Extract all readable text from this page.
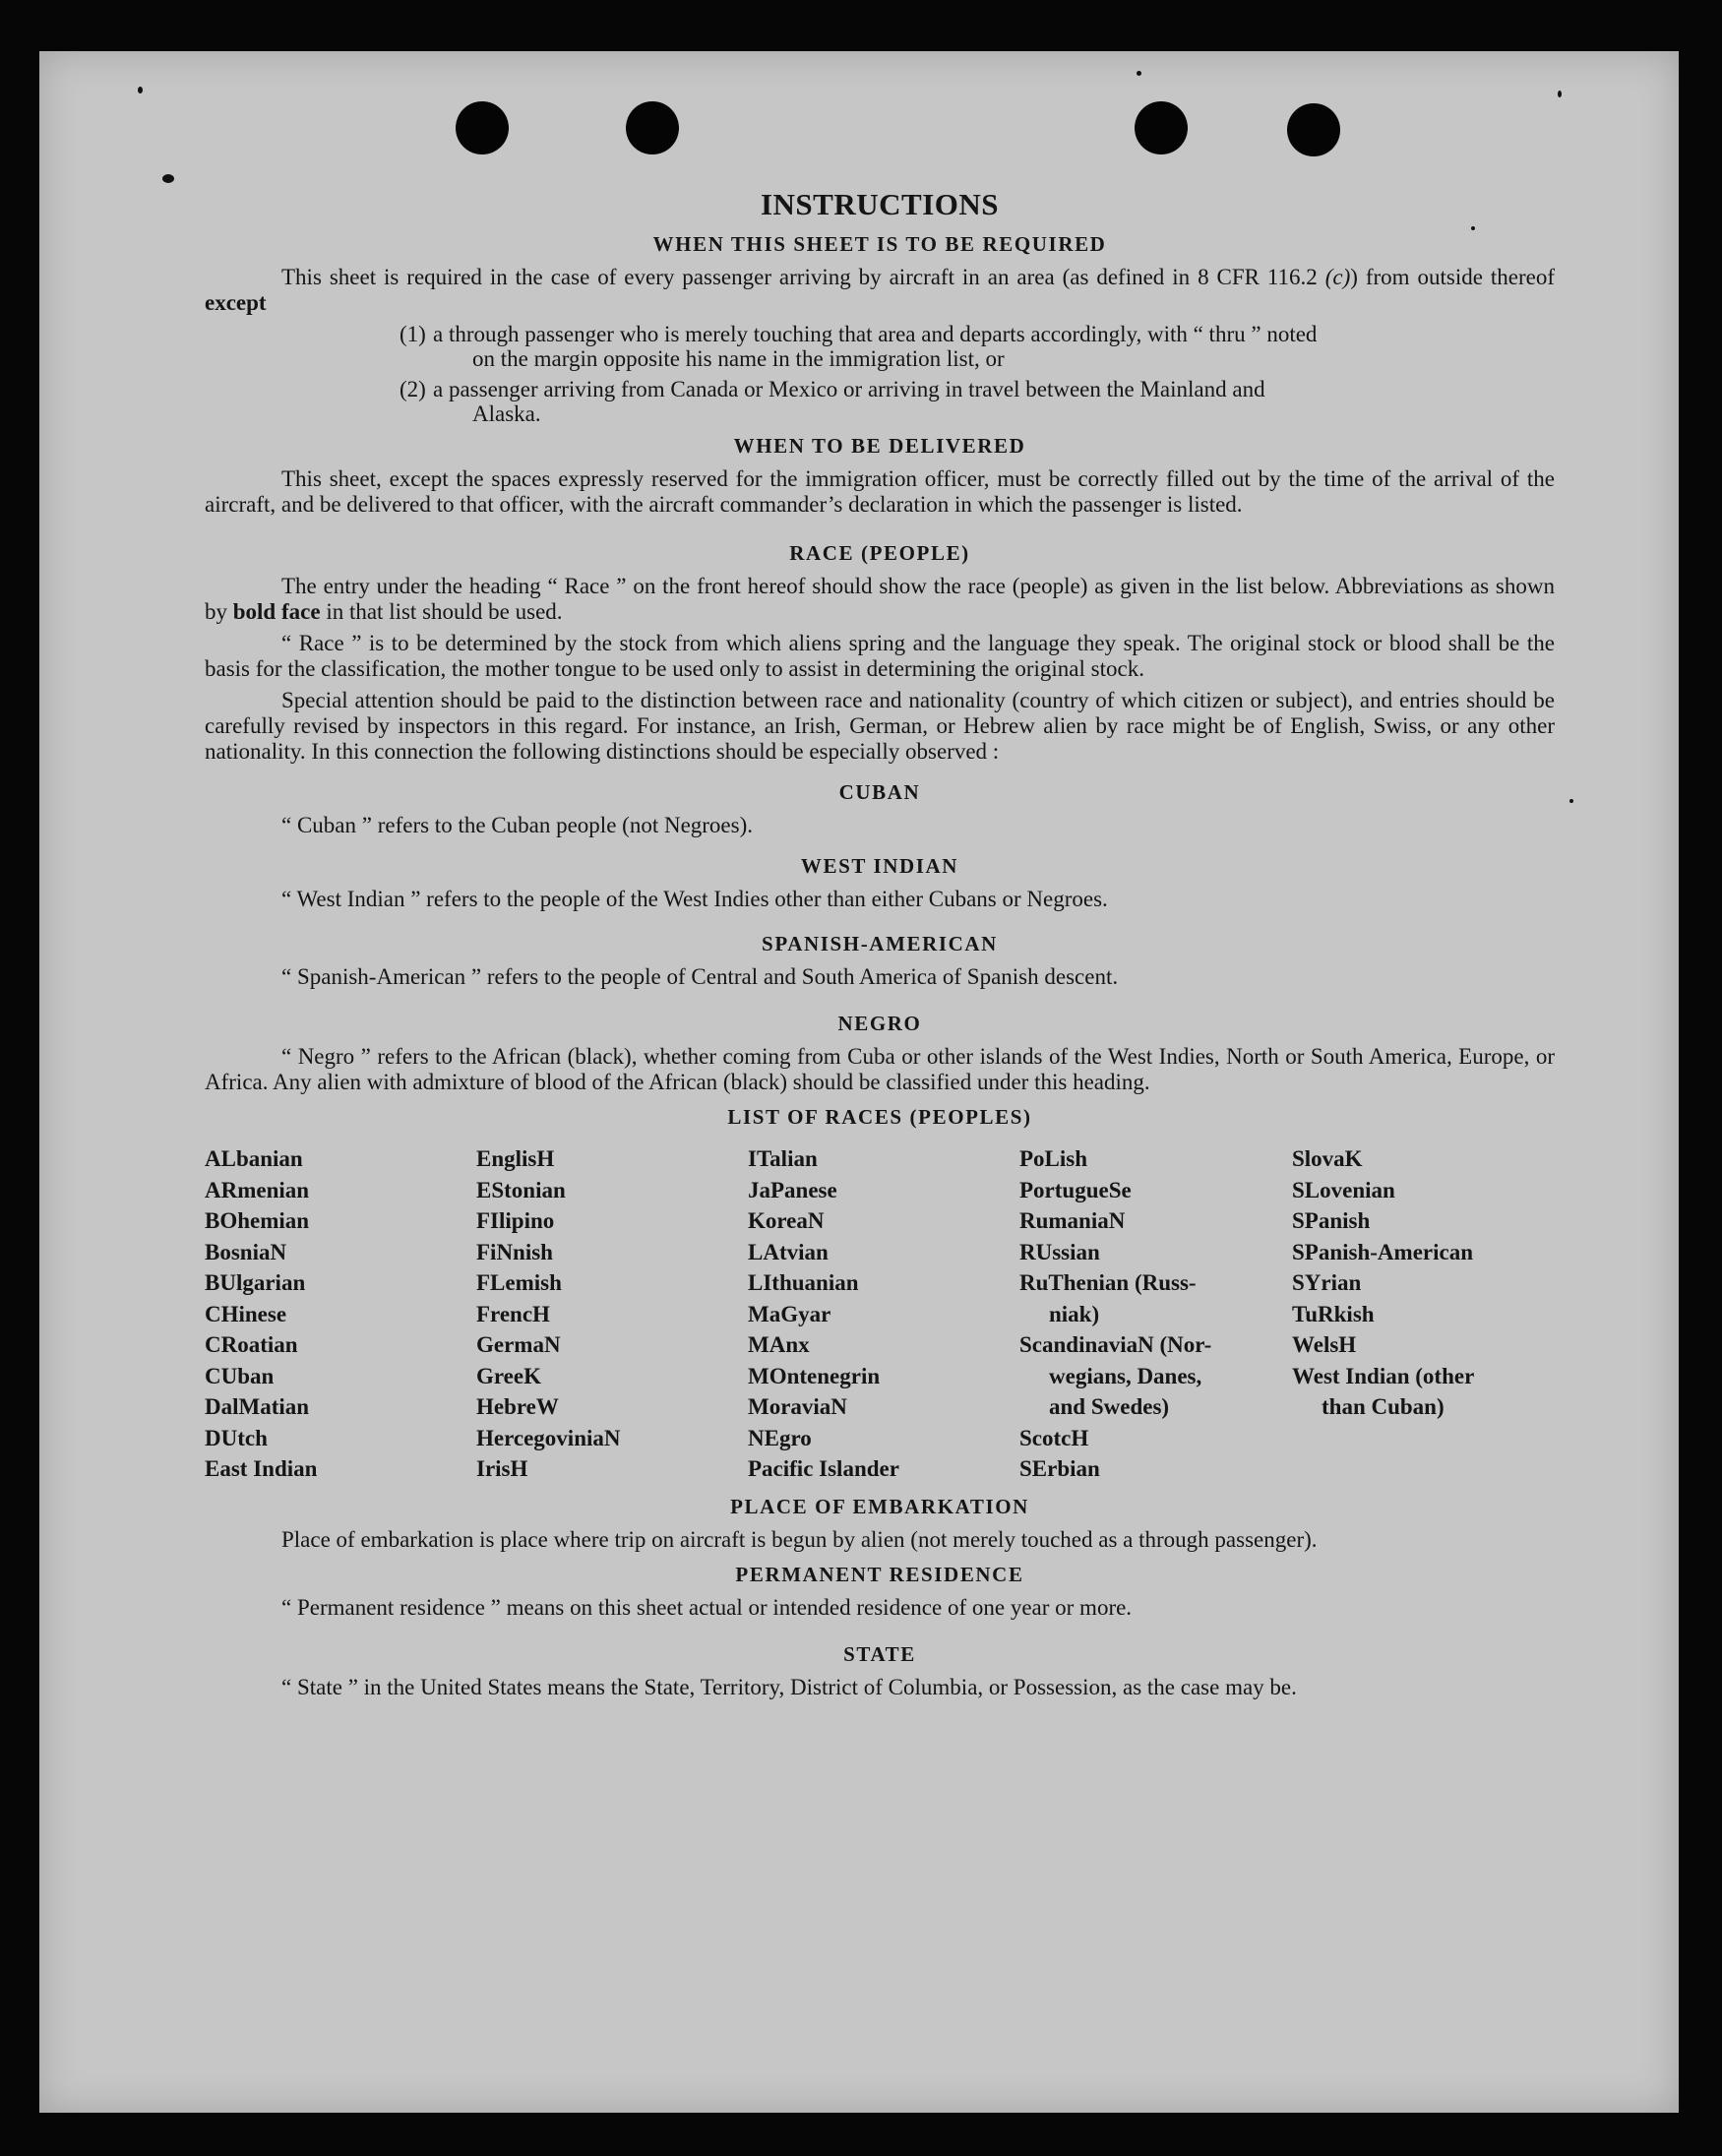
INSTRUCTIONS
WHEN THIS SHEET IS TO BE REQUIRED

This sheet is required in the case of every passenger arriving by aircraft in an area (as defined in 8 CFR 116.2 (c)) from outside thereof except

(1) a through passenger who is merely touching that area and departs accordingly, with “ thru ” noted
on the margin opposite his name in the immigration list, or
(2) a passenger arriving from Canada or Mexico or arriving in travel between the Mainland and
Alaska.
WHEN TO BE DELIVERED

This sheet, except the spaces expressly reserved for the immigration officer, must be correctly filled out by the time of the arrival of the aircraft, and be delivered to that officer, with the aircraft commander’s declaration in which the passenger is listed.

RACE (PEOPLE)

The entry under the heading “ Race ” on the front hereof should show the race (people) as given in the list below. Abbreviations as shown by bold face in that list should be used.

“ Race ” is to be determined by the stock from which aliens spring and the language they speak. The original stock or blood shall be the basis for the classification, the mother tongue to be used only to assist in determining the original stock.

Special attention should be paid to the distinction between race and nationality (country of which citizen or subject), and entries should be carefully revised by inspectors in this regard. For instance, an Irish, German, or Hebrew alien by race might be of English, Swiss, or any other nationality. In this connection the following distinctions should be especially observed :

CUBAN

“ Cuban ” refers to the Cuban people (not Negroes).

WEST INDIAN

“ West Indian ” refers to the people of the West Indies other than either Cubans or Negroes.

SPANISH-AMERICAN

“ Spanish-American ” refers to the people of Central and South America of Spanish descent.

NEGRO

“ Negro ” refers to the African (black), whether coming from Cuba or other islands of the West Indies, North or South America, Europe, or Africa. Any alien with admixture of blood of the African (black) should be classified under this heading.

LIST OF RACES (PEOPLES)
ALbanian
ARmenian
BOhemian
BosniaN
BUlgarian
CHinese
CRoatian
CUban
DalMatian
DUtch
East Indian
EnglisH
EStonian
FIlipino
FiNnish
FLemish
FrencH
GermaN
GreeK
HebreW
HercegoviniaN
IrisH
ITalian
JaPanese
KoreaN
LAtvian
LIthuanian
MaGyar
MAnx
MOntenegrin
MoraviaN
NEgro
Pacific Islander
PoLish
PortugueSe
RumaniaN
RUssian
RuThenian (Russ-
niak)
ScandinaviaN (Nor-
wegians, Danes,
and Swedes)
ScotcH
SErbian
SlovaK
SLovenian
SPanish
SPanish-American
SYrian
TuRkish
WelsH
West Indian (other
than Cuban)
PLACE OF EMBARKATION

Place of embarkation is place where trip on aircraft is begun by alien (not merely touched as a through passenger).

PERMANENT RESIDENCE

“ Permanent residence ” means on this sheet actual or intended residence of one year or more.

STATE

“ State ” in the United States means the State, Territory, District of Columbia, or Possession, as the case may be.
